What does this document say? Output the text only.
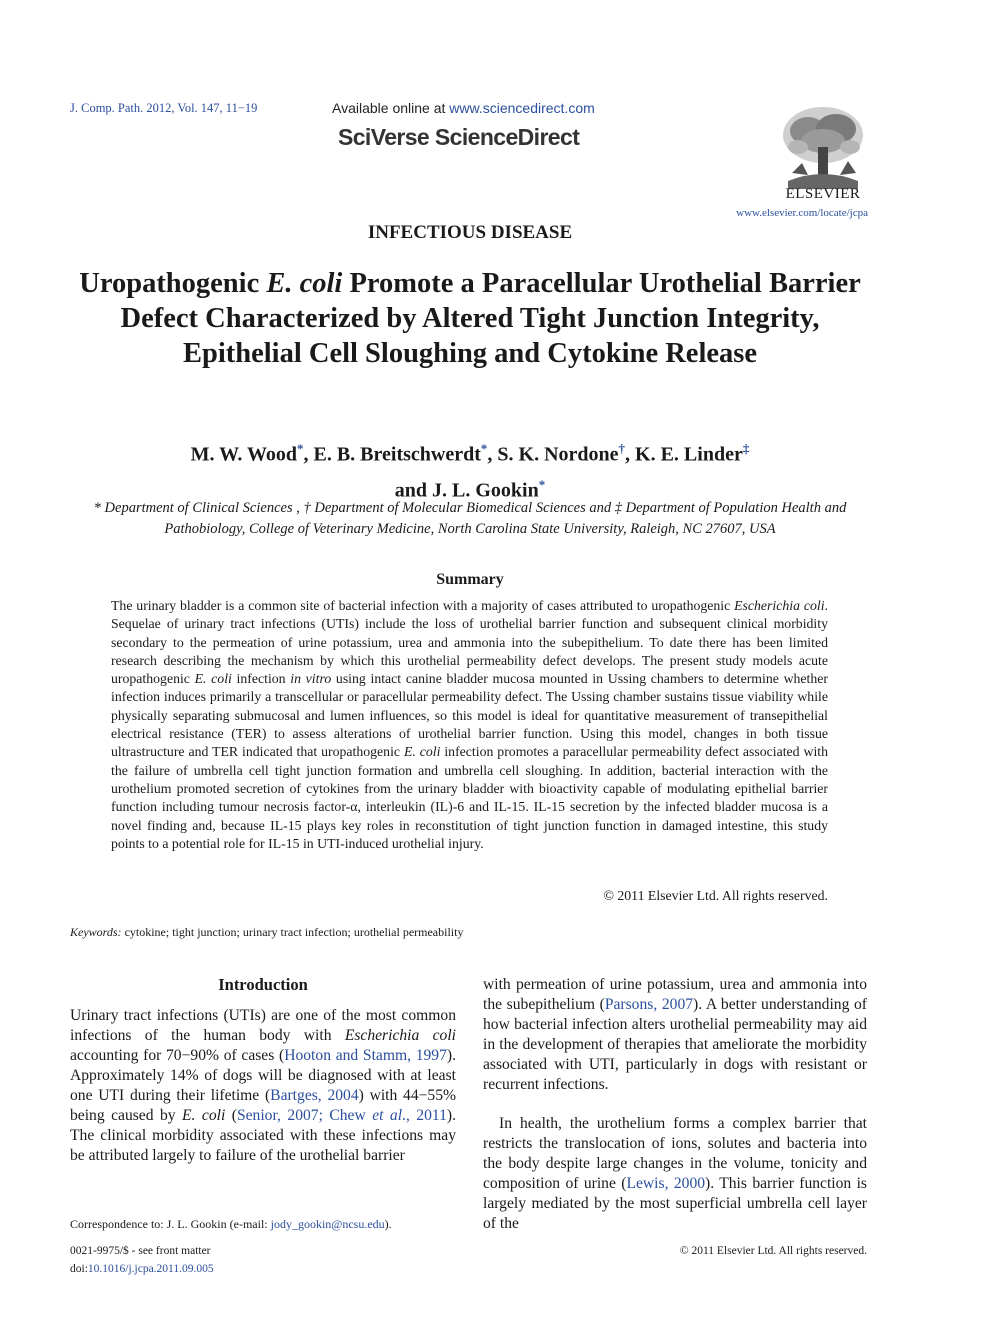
J. Comp. Path. 2012, Vol. 147, 11−19	Available online at www.sciencedirect.com
SciVerse ScienceDirect
ELSEVIER
www.elsevier.com/locate/jcpa
INFECTIOUS DISEASE
Uropathogenic E. coli Promote a Paracellular Urothelial Barrier Defect Characterized by Altered Tight Junction Integrity, Epithelial Cell Sloughing and Cytokine Release
M. W. Wood*, E. B. Breitschwerdt*, S. K. Nordone†, K. E. Linder‡
and J. L. Gookin*
* Department of Clinical Sciences , † Department of Molecular Biomedical Sciences and ‡ Department of Population Health and Pathobiology, College of Veterinary Medicine, North Carolina State University, Raleigh, NC 27607, USA
Summary
The urinary bladder is a common site of bacterial infection with a majority of cases attributed to uropathogenic Escherichia coli. Sequelae of urinary tract infections (UTIs) include the loss of urothelial barrier function and subsequent clinical morbidity secondary to the permeation of urine potassium, urea and ammonia into the subepithelium. To date there has been limited research describing the mechanism by which this urothelial permeability defect develops. The present study models acute uropathogenic E. coli infection in vitro using intact canine bladder mucosa mounted in Ussing chambers to determine whether infection induces primarily a transcellular or paracellular permeability defect. The Ussing chamber sustains tissue viability while physically separating submucosal and lumen influences, so this model is ideal for quantitative measurement of transepithelial electrical resistance (TER) to assess alterations of urothelial barrier function. Using this model, changes in both tissue ultrastructure and TER indicated that uropathogenic E. coli infection promotes a paracellular permeability defect associated with the failure of umbrella cell tight junction formation and umbrella cell sloughing. In addition, bacterial interaction with the urothelium promoted secretion of cytokines from the urinary bladder with bioactivity capable of modulating epithelial barrier function including tumour necrosis factor-α, interleukin (IL)-6 and IL-15. IL-15 secretion by the infected bladder mucosa is a novel finding and, because IL-15 plays key roles in reconstitution of tight junction function in damaged intestine, this study points to a potential role for IL-15 in UTI-induced urothelial injury.
© 2011 Elsevier Ltd. All rights reserved.
Keywords: cytokine; tight junction; urinary tract infection; urothelial permeability
Introduction
Urinary tract infections (UTIs) are one of the most common infections of the human body with Escherichia coli accounting for 70−90% of cases (Hooton and Stamm, 1997). Approximately 14% of dogs will be diagnosed with at least one UTI during their lifetime (Bartges, 2004) with 44−55% being caused by E. coli (Senior, 2007; Chew et al., 2011). The clinical morbidity associated with these infections may be attributed largely to failure of the urothelial barrier
with permeation of urine potassium, urea and ammonia into the subepithelium (Parsons, 2007). A better understanding of how bacterial infection alters urothelial permeability may aid in the development of therapies that ameliorate the morbidity associated with UTI, particularly in dogs with resistant or recurrent infections.
In health, the urothelium forms a complex barrier that restricts the translocation of ions, solutes and bacteria into the body despite large changes in the volume, tonicity and composition of urine (Lewis, 2000). This barrier function is largely mediated by the most superficial umbrella cell layer of the
Correspondence to: J. L. Gookin (e-mail: jody_gookin@ncsu.edu).
0021-9975/$ - see front matter
doi:10.1016/j.jcpa.2011.09.005
© 2011 Elsevier Ltd. All rights reserved.
